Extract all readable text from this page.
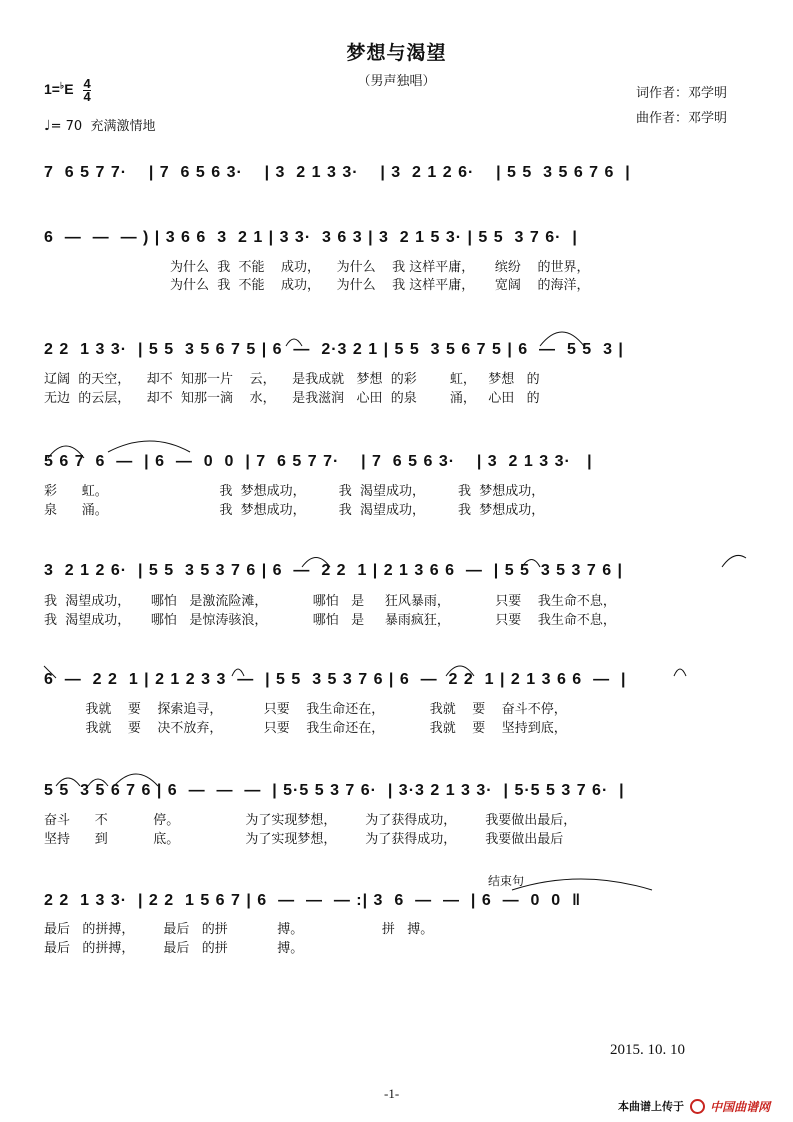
梦想与渴望
（男声独唱）
$1=^♭E \frac{4}{4}$
♩= 70 充满激情地
词作者：邓学明
曲作者：邓学明
7  6 5 7 7·    | 7  6 5 6 3·    | 3  2 1 3 3·    | 3  2 1 2 6·    | 5 5  3 5 6 7 6  |
6  —  —  — ) | 3 6 6  3  2 1 | 3 3·  3 6 3 | 3  2 1 5 3· | 5 5  3 7 6·  |
为什么  我  不能    成功，    为什么    我 这样平庸，     缤纷    的世界，
为什么  我  不能    成功，    为什么    我 这样平庸，     宽阔    的海洋，
2 2  1 3 3·  | 5 5  3 5 6 7 5 | 6  —  2·3 2 1 | 5 5  3 5 6 7 5 | 6  —  5 5  3 |
辽阔  的天空，    却不  知那一片    云，    是我成就   梦想  的彩        虹，   梦想   的
无边  的云层，    却不  知那一滴    水，    是我滋润   心田  的泉        涌，   心田   的
5 6 7  6  —  | 6  —  0  0  | 7  6 5 7 7·    | 7  6 5 6 3·    | 3  2 1 3 3·   |
彩      虹。                           我  梦想成功，        我  渴望成功，        我  梦想成功，
泉      涌。                           我  梦想成功，        我  渴望成功，        我  梦想成功，
3  2 1 2 6·  | 5 5  3 5 3 7 6 | 6  —  2 2  1 | 2 1 3 6 6  —  | 5 5  3 5 3 7 6 |
我  渴望成功，     哪怕   是激流险滩，           哪怕   是     狂风暴雨，           只要    我生命不息，
我  渴望成功，     哪怕   是惊涛骇浪，           哪怕   是     暴雨疯狂，           只要    我生命不息，
6  —  2 2  1 | 2 1 2 3 3  —  | 5 5  3 5 3 7 6 | 6  —  2 2  1 | 2 1 3 6 6  —  |
我就    要    探索追寻，          只要    我生命还在，           我就    要    奋斗不停，
我就    要    决不放弃，          只要    我生命还在，           我就    要    坚持到底，
5 5  3 5 6 7 6 | 6  —  —  —  | 5·5 5 3 7 6·  | 3·3 2 1 3 3·  | 5·5 5 3 7 6·  |
奋斗      不           停。                为了实现梦想，       为了获得成功，       我要做出最后，
坚持      到           底。                为了实现梦想，       为了获得成功，       我要做出最后
结束句
2 2  1 3 3·  | 2 2  1 5 6 7 | 6  —  —  — :| 3  6  —  —  | 6  —  0  0  ‖
最后   的拼搏，       最后   的拼            搏。                   拼   搏。
最后   的拼搏，       最后   的拼            搏。
2015. 10. 10
-1-
本曲谱上传于	中国曲谱网
